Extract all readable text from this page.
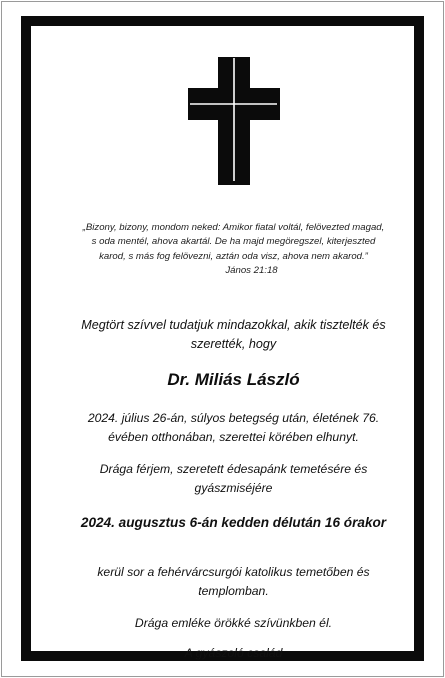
„Bizony, bizony, mondom neked: Amikor fiatal voltál, felövezted magad,
s oda mentél, ahova akartál. De ha majd megöregszel, kiterjeszted
karod, s más fog felövezni, aztán oda visz, ahova nem akarod.”
János 21:18
Megtört szívvel tudatjuk mindazokkal, akik tisztelték és
szerették, hogy
Dr. Miliás László
2024. július 26-án, súlyos betegség után, életének 76.
évében otthonában, szerettei körében elhunyt.
Drága férjem, szeretett édesapánk temetésére és
gyászmiséjére
2024. augusztus 6-án kedden délután 16 órakor
kerül sor a fehérvárcsurgói katolikus temetőben és
templomban.
Drága emléke örökké szívünkben él.
A gyászoló család
